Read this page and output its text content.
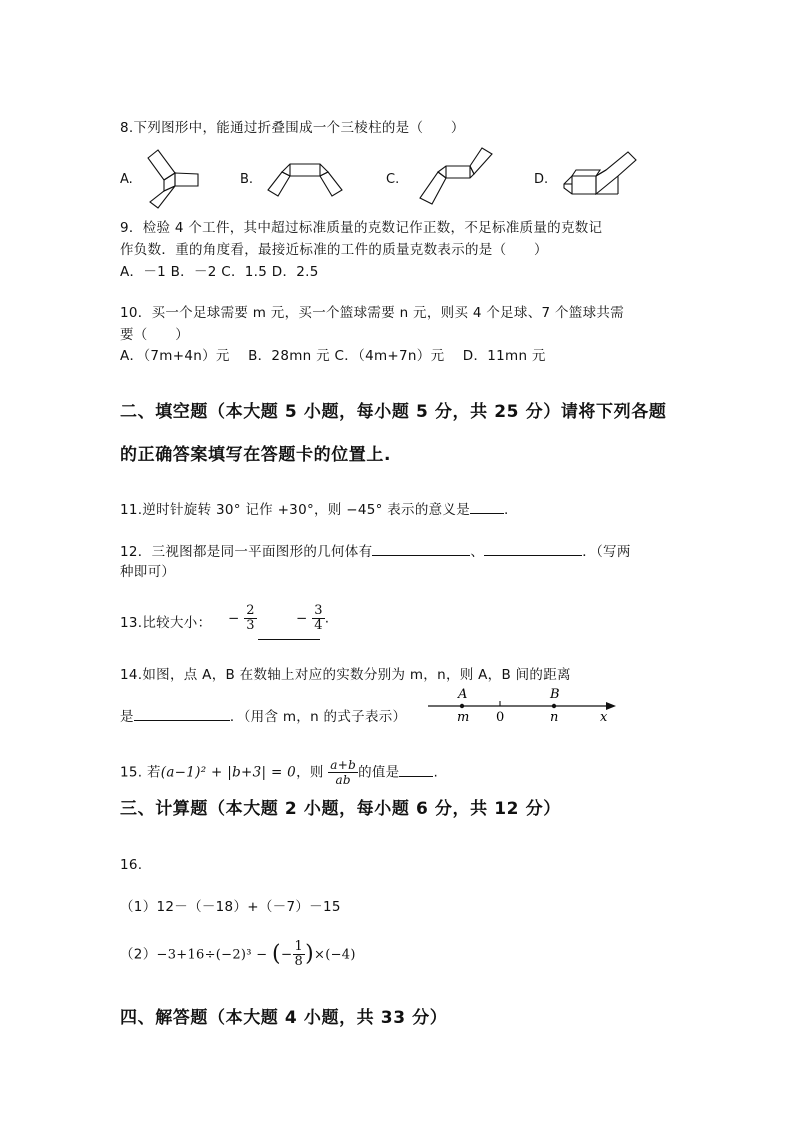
8.下列图形中，能通过折叠围成一个三棱柱的是（　　）
A.	B.	C.	D.
9．检验 4 个工件，其中超过标准质量的克数记作正数，不足标准质量的克数记
作负数．重的角度看，最接近标准的工件的质量克数表示的是（　　）
A．－1 B．－2 C．1.5 D．2.5
10．买一个足球需要 m 元，买一个篮球需要 n 元，则买 4 个足球、7 个篮球共需
要（　　）
A．（7m+4n）元　 B．28mn 元 C．（4m+7n）元　 D．11mn 元
二、填空题（本大题 5 小题，每小题 5 分，共 25 分）请将下列各题
的正确答案填写在答题卡的位置上.
11.逆时针旋转 30° 记作 +30°，则 −45° 表示的意义是	.
12．三视图都是同一平面图形的几何体有	、	．（写两
种即可）
13.比较大小： − $\frac{2}{3}$	− $\frac{3}{4}$ .
14.如图，点 A，B 在数轴上对应的实数分别为 m，n，则 A，B 间的距离
是	．（用含 m，n 的式子表示）
A	B
m 0	n	x
15. 若(a−1)² + |b+3| = 0，则 $\frac{a+b}{ab}$ 的值是	.
三、计算题（本大题 2 小题，每小题 6 分，共 12 分）
16.
（1）12－（－18）+（－7）－15
（2）−3+16÷(−2)³ − (− $\frac{1}{8} )\times(-4)$
四、解答题（本大题 4 小题，共 33 分）
